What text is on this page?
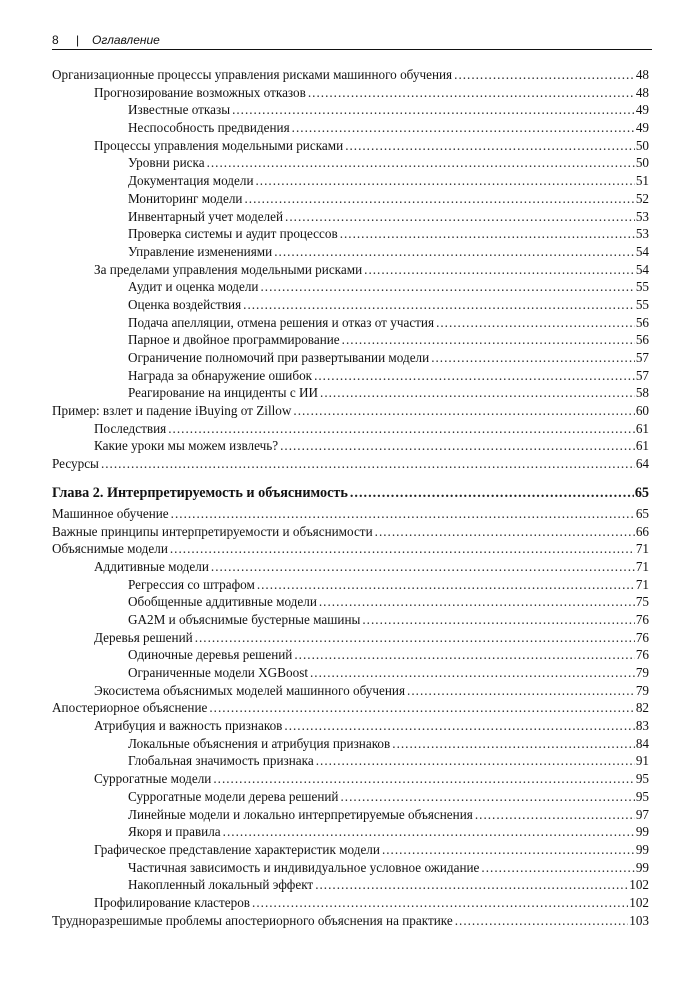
8 | Оглавление
Организационные процессы управления рисками машинного обучения .....	48
Прогнозирование возможных отказов .....	48
Известные отказы .....	49
Неспособность предвидения .....	49
Процессы управления модельными рисками .....	50
Уровни риска .....	50
Документация модели .....	51
Мониторинг модели .....	52
Инвентарный учет моделей .....	53
Проверка системы и аудит процессов .....	53
Управление изменениями .....	54
За пределами управления модельными рисками .....	54
Аудит и оценка модели .....	55
Оценка воздействия .....	55
Подача апелляции, отмена решения и отказ от участия .....	56
Парное и двойное программирование .....	56
Ограничение полномочий при развертывании модели .....	57
Награда за обнаружение ошибок .....	57
Реагирование на инциденты с ИИ .....	58
Пример: взлет и падение iBuying от Zillow .....	60
Последствия .....	61
Какие уроки мы можем извлечь? .....	61
Ресурсы .....	64
Глава 2. Интерпретируемость и объяснимость .....	65
Машинное обучение .....	65
Важные принципы интерпретируемости и объяснимости .....	66
Объяснимые модели .....	71
Аддитивные модели .....	71
Регрессия со штрафом .....	71
Обобщенные аддитивные модели .....	75
GA2M и объяснимые бустерные машины .....	76
Деревья решений .....	76
Одиночные деревья решений .....	76
Ограниченные модели XGBoost .....	79
Экосистема объяснимых моделей машинного обучения .....	79
Апостериорное объяснение .....	82
Атрибуция и важность признаков .....	83
Локальные объяснения и атрибуция признаков .....	84
Глобальная значимость признака .....	91
Суррогатные модели .....	95
Суррогатные модели дерева решений .....	95
Линейные модели и локально интерпретируемые объяснения .....	97
Якоря и правила .....	99
Графическое представление характеристик модели .....	99
Частичная зависимость и индивидуальное условное ожидание .....	99
Накопленный локальный эффект .....	102
Профилирование кластеров .....	102
Трудноразрешимые проблемы апостериорного объяснения на практике .....	103
